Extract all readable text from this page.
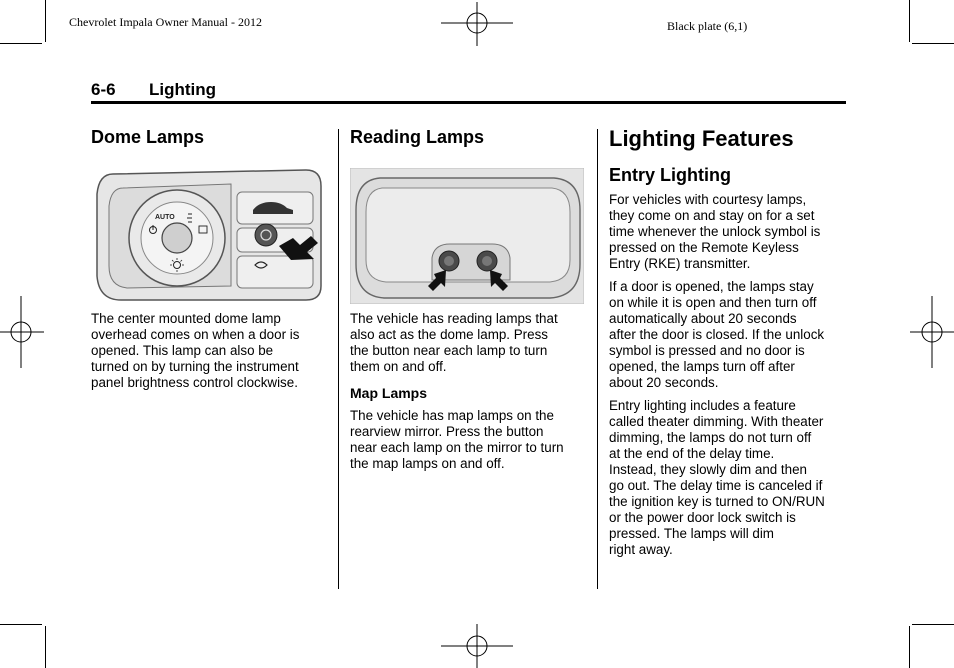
Chevrolet Impala Owner Manual - 2012	Black plate (6,1)
6-6 Lighting
Dome Lamps
AUTO

The center mounted dome lamp
overhead comes on when a door is
opened. This lamp can also be
turned on by turning the instrument
panel brightness control clockwise.

Reading Lamps

The vehicle has reading lamps that
also act as the dome lamp. Press
the button near each lamp to turn
them on and off.

Map Lamps

The vehicle has map lamps on the
rearview mirror. Press the button
near each lamp on the mirror to turn
the map lamps on and off.

Lighting Features
Entry Lighting

For vehicles with courtesy lamps,
they come on and stay on for a set
time whenever the unlock symbol is
pressed on the Remote Keyless
Entry (RKE) transmitter.

If a door is opened, the lamps stay
on while it is open and then turn off
automatically about 20 seconds
after the door is closed. If the unlock
symbol is pressed and no door is
opened, the lamps turn off after
about 20 seconds.

Entry lighting includes a feature
called theater dimming. With theater
dimming, the lamps do not turn off
at the end of the delay time.
Instead, they slowly dim and then
go out. The delay time is canceled if
the ignition key is turned to ON/RUN
or the power door lock switch is
pressed. The lamps will dim
right away.
